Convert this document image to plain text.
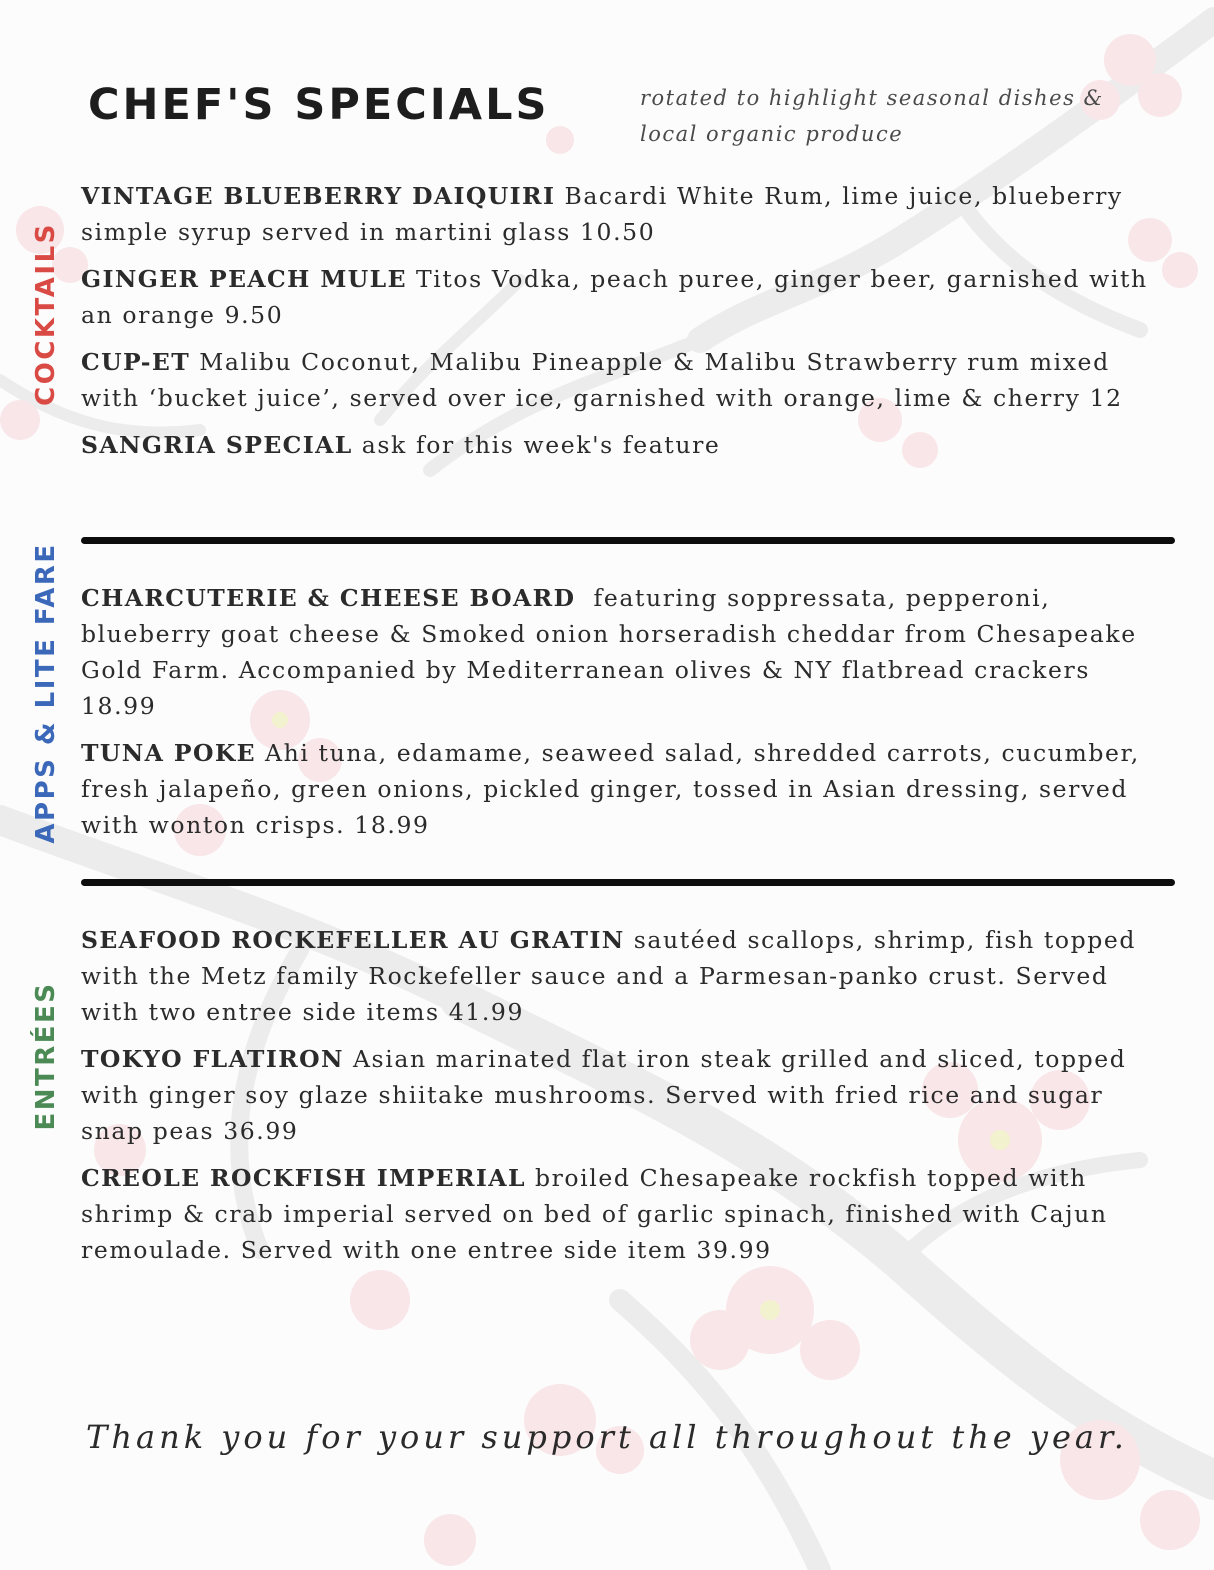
CHEF'S SPECIALS	rotated to highlight seasonal dishes & local organic produce

COCKTAILS
APPS & LITE FARE
ENTRÉES

VINTAGE BLUEBERRY DAIQUIRI Bacardi White Rum, lime juice, blueberry simple syrup served in martini glass 10.50

GINGER PEACH MULE Titos Vodka, peach puree, ginger beer, garnished with an orange 9.50

CUP-ET Malibu Coconut, Malibu Pineapple & Malibu Strawberry rum mixed with ‘bucket juice’, served over ice, garnished with orange, lime & cherry 12

SANGRIA SPECIAL ask for this week's feature

CHARCUTERIE & CHEESE BOARD featuring soppressata, pepperoni, blueberry goat cheese & Smoked onion horseradish cheddar from Chesapeake Gold Farm. Accompanied by Mediterranean olives & NY flatbread crackers 18.99

TUNA POKE Ahi tuna, edamame, seaweed salad, shredded carrots, cucumber, fresh jalapeño, green onions, pickled ginger, tossed in Asian dressing, served with wonton crisps. 18.99

SEAFOOD ROCKEFELLER AU GRATIN sautéed scallops, shrimp, fish topped with the Metz family Rockefeller sauce and a Parmesan-panko crust. Served with two entree side items 41.99

TOKYO FLATIRON Asian marinated flat iron steak grilled and sliced, topped with ginger soy glaze shiitake mushrooms. Served with fried rice and sugar snap peas 36.99

CREOLE ROCKFISH IMPERIAL broiled Chesapeake rockfish topped with shrimp & crab imperial served on bed of garlic spinach, finished with Cajun remoulade. Served with one entree side item 39.99

Thank you for your support all throughout the year.
